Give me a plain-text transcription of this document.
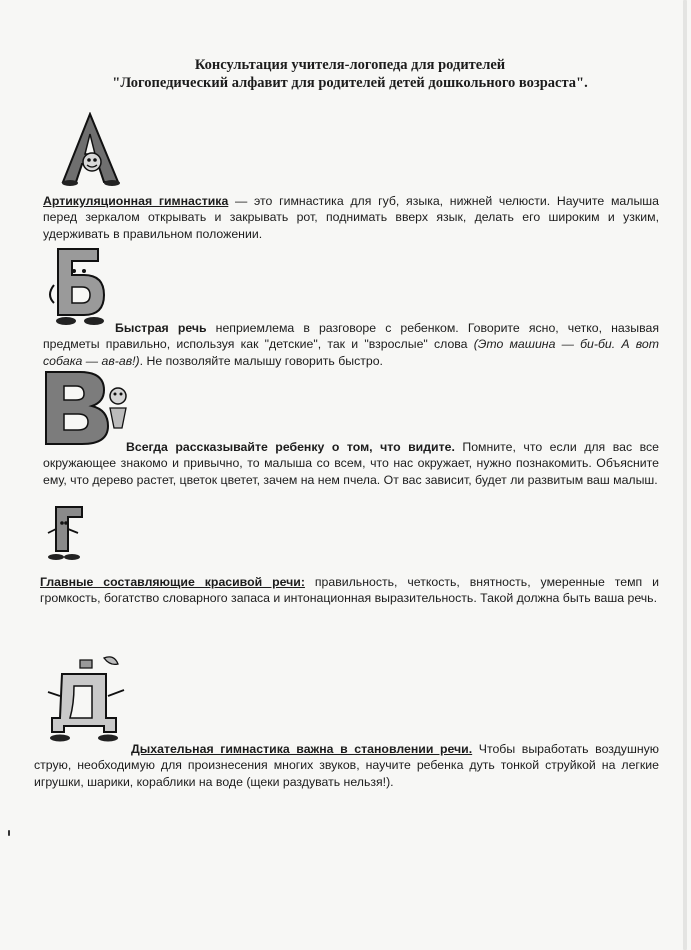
Консультация учителя-логопеда для родителей
"Логопедический алфавит для родителей детей дошкольного возраста".
Артикуляционная гимнастика — это гимнастика для губ, языка, нижней челюсти. Научите малыша перед зеркалом открывать и закрывать рот, поднимать вверх язык, делать его широким и узким, удерживать в правильном положении.
Быстрая речь неприемлема в разговоре с ребенком. Говорите ясно, четко, называя предметы правильно, используя как "детские", так и "взрослые" слова (Это машина — би-би. А вот собака — ав-ав!). Не позволяйте малышу говорить быстро.
Всегда рассказывайте ребенку о том, что видите. Помните, что если для вас все окружающее знакомо и привычно, то малыша со всем, что нас окружает, нужно познакомить. Объясните ему, что дерево растет, цветок цветет, зачем на нем пчела. От вас зависит, будет ли развитым ваш малыш.
Главные составляющие красивой речи: правильность, четкость, внятность, умеренные темп и громкость, богатство словарного запаса и интонационная выразительность. Такой должна быть ваша речь.
Дыхательная гимнастика важна в становлении речи. Чтобы выработать воздушную струю, необходимую для произнесения многих звуков, научите ребенка дуть тонкой струйкой на легкие игрушки, шарики, кораблики на воде (щеки раздувать нельзя!).
